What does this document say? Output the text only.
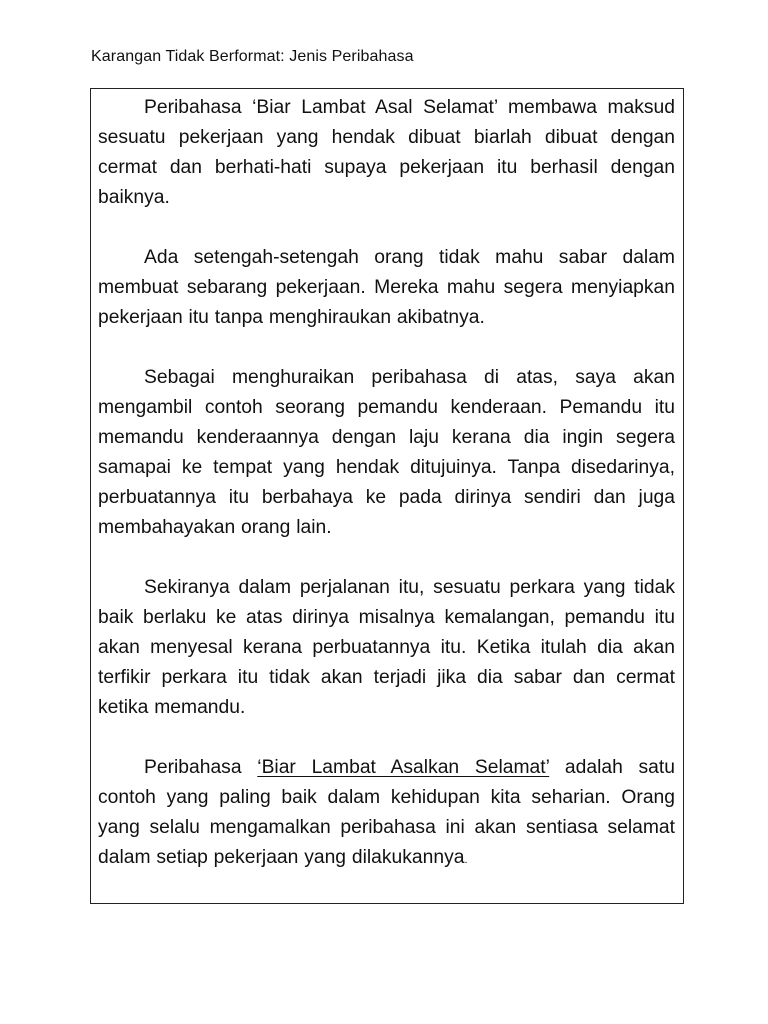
Karangan Tidak Berformat: Jenis Peribahasa

Peribahasa ‘Biar Lambat Asal Selamat’ membawa maksud sesuatu pekerjaan yang hendak dibuat biarlah dibuat dengan cermat dan berhati-hati supaya pekerjaan itu berhasil dengan baiknya.

Ada setengah-setengah orang tidak mahu sabar dalam membuat sebarang pekerjaan. Mereka mahu segera menyiapkan pekerjaan itu tanpa menghiraukan akibatnya.

Sebagai menghuraikan peribahasa di atas, saya akan mengambil contoh seorang pemandu kenderaan. Pemandu itu memandu kenderaannya dengan laju kerana dia ingin segera samapai ke tempat yang hendak ditujuinya. Tanpa disedarinya, perbuatannya itu berbahaya ke pada dirinya sendiri dan juga membahayakan orang lain.

Sekiranya dalam perjalanan itu, sesuatu perkara yang tidak baik berlaku ke atas dirinya misalnya kemalangan, pemandu itu akan menyesal kerana perbuatannya itu. Ketika itulah dia akan terfikir perkara itu tidak akan terjadi jika dia sabar dan cermat ketika memandu.

Peribahasa ‘Biar Lambat Asalkan Selamat’ adalah satu contoh yang paling baik dalam kehidupan kita seharian. Orang yang selalu mengamalkan peribahasa ini akan sentiasa selamat dalam setiap pekerjaan yang dilakukannya.
